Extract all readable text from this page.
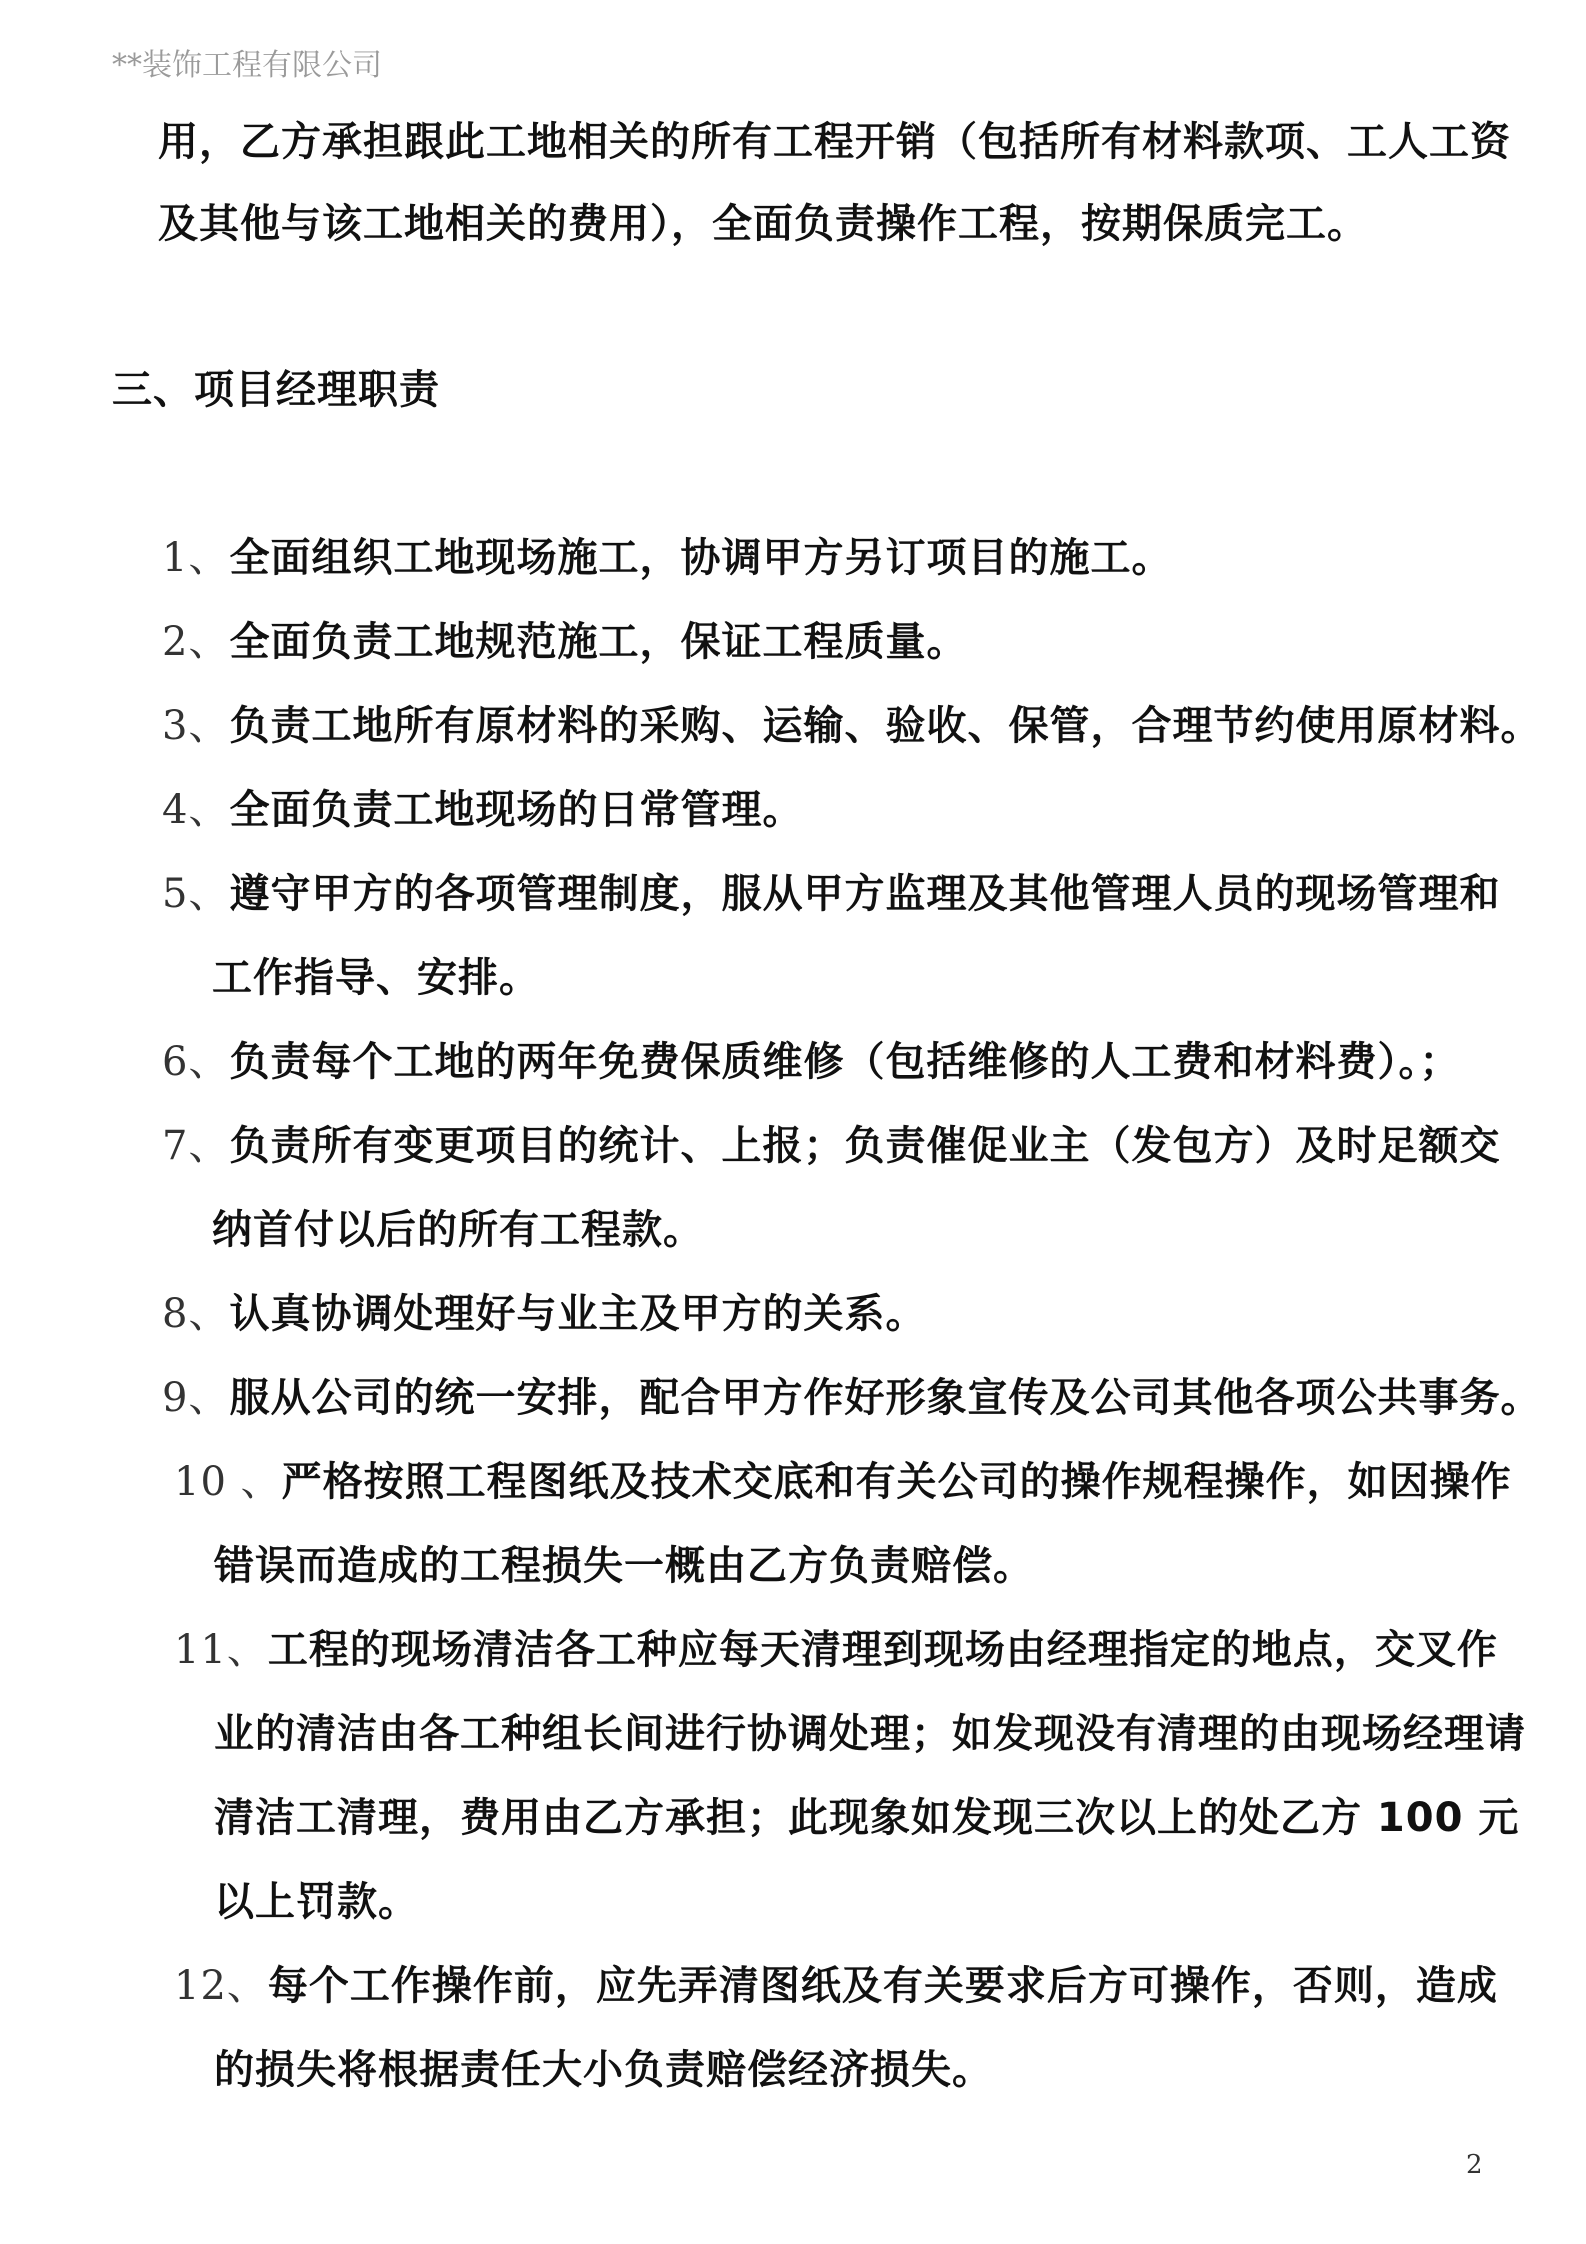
**装饰工程有限公司
用，乙方承担跟此工地相关的所有工程开销（包括所有材料款项、工人工资
及其他与该工地相关的费用），全面负责操作工程，按期保质完工。
三、项目经理职责
1、全面组织工地现场施工，协调甲方另订项目的施工。
2、全面负责工地规范施工，保证工程质量。
3、负责工地所有原材料的采购、运输、验收、保管，合理节约使用原材料。
4、全面负责工地现场的日常管理。
5、遵守甲方的各项管理制度，服从甲方监理及其他管理人员的现场管理和
工作指导、安排。
6、负责每个工地的两年免费保质维修（包括维修的人工费和材料费）。；
7、负责所有变更项目的统计、上报；负责催促业主（发包方）及时足额交
纳首付以后的所有工程款。
8、认真协调处理好与业主及甲方的关系。
9、服从公司的统一安排，配合甲方作好形象宣传及公司其他各项公共事务。
10 、严格按照工程图纸及技术交底和有关公司的操作规程操作，如因操作
错误而造成的工程损失一概由乙方负责赔偿。
11、工程的现场清洁各工种应每天清理到现场由经理指定的地点，交叉作
业的清洁由各工种组长间进行协调处理；如发现没有清理的由现场经理请
清洁工清理，费用由乙方承担；此现象如发现三次以上的处乙方 100 元
以上罚款。
12、每个工作操作前，应先弄清图纸及有关要求后方可操作，否则，造成
的损失将根据责任大小负责赔偿经济损失。
2
